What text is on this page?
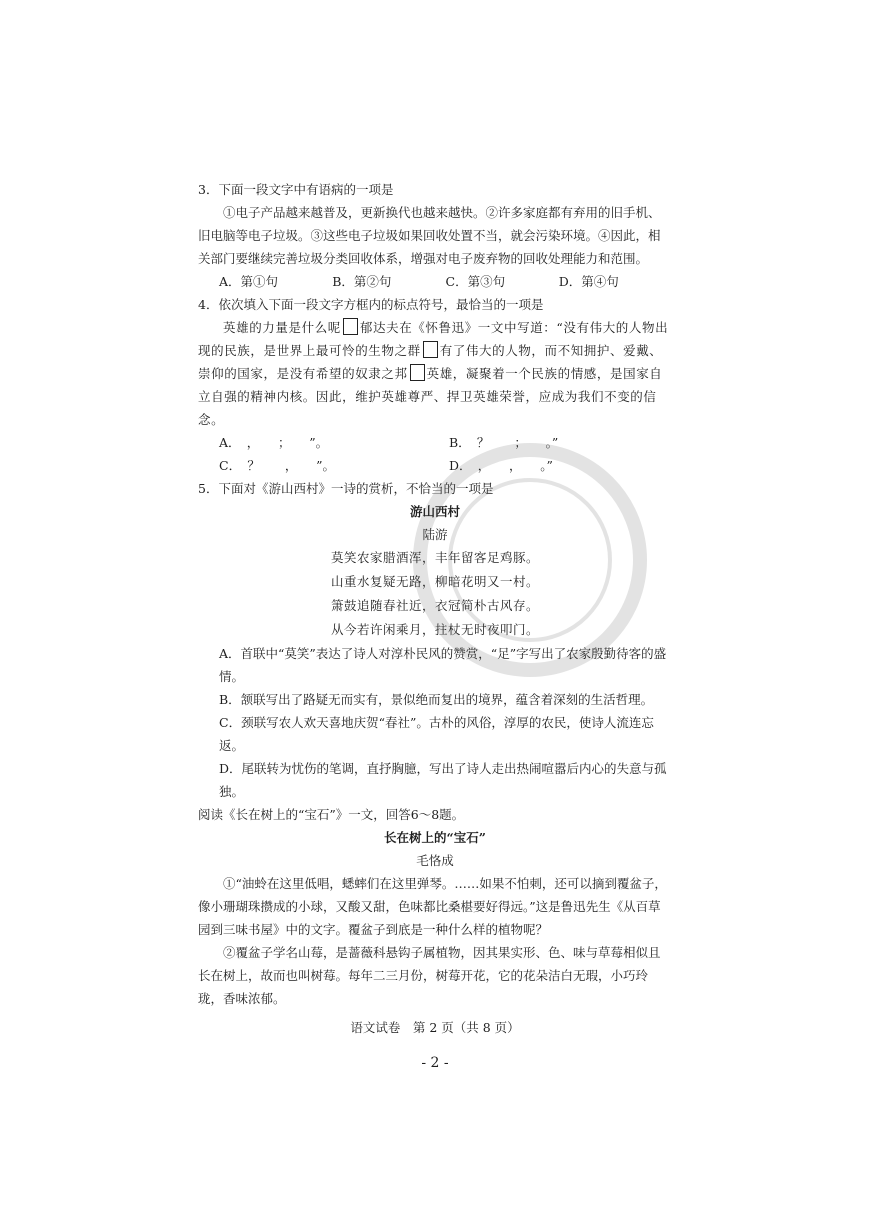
3．下面一段文字中有语病的一项是

①电子产品越来越普及，更新换代也越来越快。②许多家庭都有弃用的旧手机、旧电脑等电子垃圾。③这些电子垃圾如果回收处置不当，就会污染环境。④因此，相关部门要继续完善垃圾分类回收体系，增强对电子废弃物的回收处理能力和范围。

A．第①句	B．第②句	C．第③句	D．第④句

4．依次填入下面一段文字方框内的标点符号，最恰当的一项是

英雄的力量是什么呢 郁达夫在《怀鲁迅》一文中写道：“没有伟大的人物出现的民族，是世界上最可怜的生物之群 有了伟大的人物，而不知拥护、爱戴、崇仰的国家，是没有希望的奴隶之邦 英雄，凝聚着一个民族的情感，是国家自立自强的精神内核。因此，维护英雄尊严、捍卫英雄荣誉，应成为我们不变的信念。

A．　，　　；　　”。	B．　？　　；　　。”
C．　？　　，　　”。	D．　，　　，　　。”

5．下面对《游山西村》一诗的赏析，不恰当的一项是

游山西村

陆游

莫笑农家腊酒浑，丰年留客足鸡豚。

山重水复疑无路，柳暗花明又一村。

箫鼓追随春社近，衣冠简朴古风存。

从今若许闲乘月，拄杖无时夜叩门。

A．首联中“莫笑”表达了诗人对淳朴民风的赞赏，“足”字写出了农家殷勤待客的盛情。

B．颔联写出了路疑无而实有，景似绝而复出的境界，蕴含着深刻的生活哲理。

C．颈联写农人欢天喜地庆贺“春社”。古朴的风俗，淳厚的农民，使诗人流连忘返。

D．尾联转为忧伤的笔调，直抒胸臆，写出了诗人走出热闹喧嚣后内心的失意与孤独。

阅读《长在树上的“宝石”》一文，回答6～8题。

长在树上的“宝石”

毛恪成

①“油蛉在这里低唱，蟋蟀们在这里弹琴。……如果不怕刺，还可以摘到覆盆子，像小珊瑚珠攒成的小球，又酸又甜，色味都比桑椹要好得远。”这是鲁迅先生《从百草园到三味书屋》中的文字。覆盆子到底是一种什么样的植物呢？

②覆盆子学名山莓，是蔷薇科悬钩子属植物，因其果实形、色、味与草莓相似且长在树上，故而也叫树莓。每年二三月份，树莓开花，它的花朵洁白无瑕，小巧玲珑，香味浓郁。

语文试卷　第 2 页（共 8 页）

- 2 -
